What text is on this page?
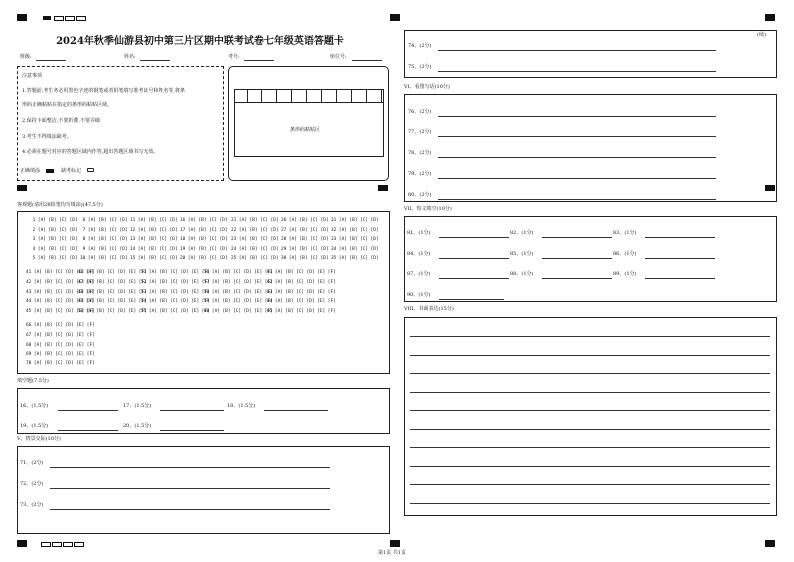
2024年秋季仙游县初中第三片区期中联考试卷七年级英语答题卡
班级:	姓名:	考号:	座位号:
注意事项
1.答题前,考生务必用黑色字迹的钢笔或者铅笔填写准考证号和姓名等,将条
形码正确粘贴在指定的条形码粘贴区域。
2.保持卡面整洁,不要折叠,不要弄破
3.考生不得填涂缺考。
4.必须在题号对应的答题区域内作答,超出答题区域书写无效。
正确填涂	缺考标记
条形码粘贴区
客观题(请用2B铅笔均匀填涂)(47.5分)
1 [A] [B] [C] [D]
2 [A] [B] [C] [D]
3 [A] [B] [C] [D]
4 [A] [B] [C] [D]
5 [A] [B] [C] [D]
6 [A] [B] [C] [D]
7 [A] [B] [C] [D]
8 [A] [B] [C] [D]
9 [A] [B] [C] [D]
10 [A] [B] [C] [D]
11 [A] [B] [C] [D]
12 [A] [B] [C] [D]
13 [A] [B] [C] [D]
14 [A] [B] [C] [D]
15 [A] [B] [C] [D]
16 [A] [B] [C] [D]
17 [A] [B] [C] [D]
18 [A] [B] [C] [D]
19 [A] [B] [C] [D]
20 [A] [B] [C] [D]
21 [A] [B] [C] [D]
22 [A] [B] [C] [D]
23 [A] [B] [C] [D]
24 [A] [B] [C] [D]
25 [A] [B] [C] [D]
26 [A] [B] [C] [D]
27 [A] [B] [C] [D]
28 [A] [B] [C] [D]
29 [A] [B] [C] [D]
30 [A] [B] [C] [D]
31 [A] [B] [C] [D]
32 [A] [B] [C] [D]
33 [A] [B] [C] [D]
34 [A] [B] [C] [D]
35 [A] [B] [C] [D]
41 [A] [B] [C] [D] [E] [F]
42 [A] [B] [C] [D] [E] [F]
43 [A] [B] [C] [D] [E] [F]
44 [A] [B] [C] [D] [E] [F]
45 [A] [B] [C] [D] [E] [F]
46 [A] [B] [C] [D] [E] [F]
47 [A] [B] [C] [D] [E] [F]
48 [A] [B] [C] [D] [E] [F]
49 [A] [B] [C] [D] [E] [F]
50 [A] [B] [C] [D] [E] [F]
51 [A] [B] [C] [D] [E] [F]
52 [A] [B] [C] [D] [E] [F]
53 [A] [B] [C] [D] [E] [F]
54 [A] [B] [C] [D] [E] [F]
55 [A] [B] [C] [D] [E] [F]
56 [A] [B] [C] [D] [E] [F]
57 [A] [B] [C] [D] [E] [F]
58 [A] [B] [C] [D] [E] [F]
59 [A] [B] [C] [D] [E] [F]
60 [A] [B] [C] [D] [E] [F]
61 [A] [B] [C] [D] [E] [F]
62 [A] [B] [C] [D] [E] [F]
63 [A] [B] [C] [D] [E] [F]
64 [A] [B] [C] [D] [E] [F]
65 [A] [B] [C] [D] [E] [F]
66 [A] [B] [C] [D] [E] [F]
67 [A] [B] [C] [D] [E] [F]
68 [A] [B] [C] [D] [E] [F]
69 [A] [B] [C] [D] [E] [F]
70 [A] [B] [C] [D] [E] [F]
填空题(7.5分)
16、(1.5分)	17、(1.5分)	18、(1.5分)
19、(1.5分)	20、(1.5分)
V、情景交际(10分)
71、(2分)
72、(2分)
73、(2分)
(续)
74、(2分)
75、(2分)
VI、看图写话(10分)
76、(2分)
77、(2分)
78、(2分)
79、(2分)
80、(2分)
VII、短文填空(10分)
81、(1分)	82、(1分)	83、(1分)
84、(1分)	85、(1分)	86、(1分)
87、(1分)	88、(1分)	89、(1分)
90、(1分)
VIII、书面表达(15分)
第1页 共1页
